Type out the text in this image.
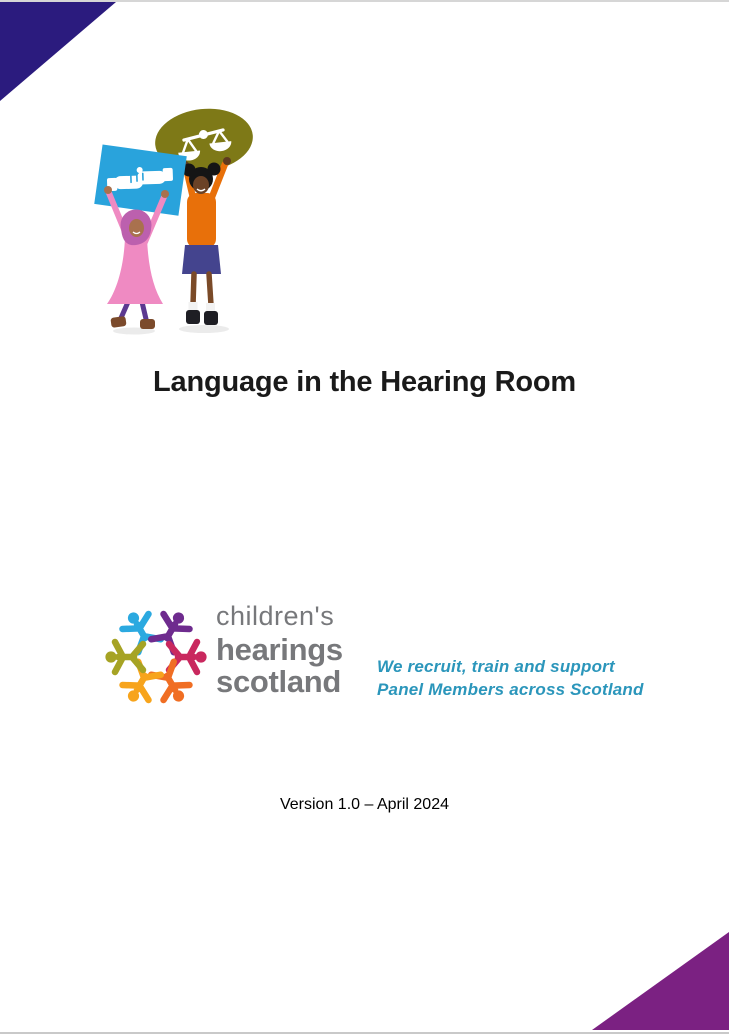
Language in the Hearing Room
children's
hearings
scotland We recruit, train and support
Panel Members across Scotland
Version 1.0 – April 2024
